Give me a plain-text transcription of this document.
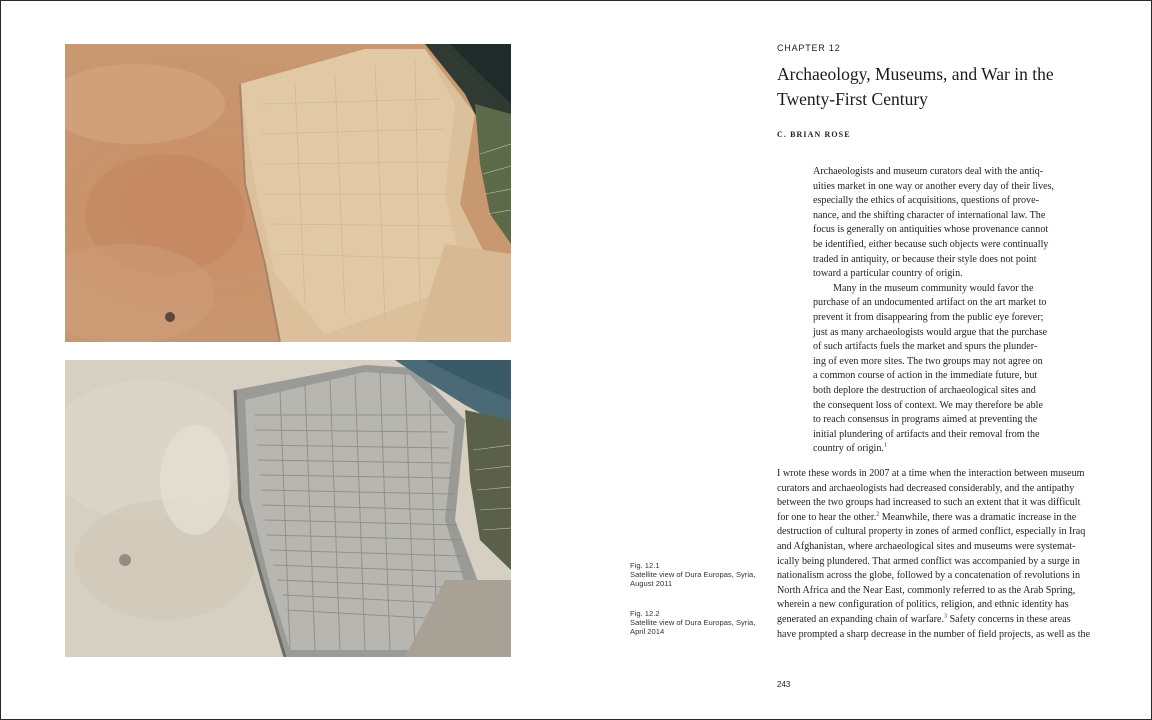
Fig. 12.1
Satellite view of Dura Europas, Syria,
August 2011
Fig. 12.2
Satellite view of Dura Europas, Syria,
April 2014
CHAPTER 12
Archaeology, Museums, and War in the
Twenty-First Century
C. BRIAN ROSE
Archaeologists and museum curators deal with the antiq-
uities market in one way or another every day of their lives,
especially the ethics of acquisitions, questions of prove-
nance, and the shifting character of international law. The
focus is generally on antiquities whose provenance cannot
be identified, either because such objects were continually
traded in antiquity, or because their style does not point
toward a particular country of origin.
Many in the museum community would favor the
purchase of an undocumented artifact on the art market to
prevent it from disappearing from the public eye forever;
just as many archaeologists would argue that the purchase
of such artifacts fuels the market and spurs the plunder-
ing of even more sites. The two groups may not agree on
a common course of action in the immediate future, but
both deplore the destruction of archaeological sites and
the consequent loss of context. We may therefore be able
to reach consensus in programs aimed at preventing the
initial plundering of artifacts and their removal from the
country of origin.$^1$
I wrote these words in 2007 at a time when the interaction between museum
curators and archaeologists had decreased considerably, and the antipathy
between the two groups had increased to such an extent that it was difficult
for one to hear the other.$^2$ Meanwhile, there was a dramatic increase in the
destruction of cultural property in zones of armed conflict, especially in Iraq
and Afghanistan, where archaeological sites and museums were systemat-
ically being plundered. That armed conflict was accompanied by a surge in
nationalism across the globe, followed by a concatenation of revolutions in
North Africa and the Near East, commonly referred to as the Arab Spring,
wherein a new configuration of politics, religion, and ethnic identity has
generated an expanding chain of warfare.$^3$ Safety concerns in these areas
have prompted a sharp decrease in the number of field projects, as well as the
243
